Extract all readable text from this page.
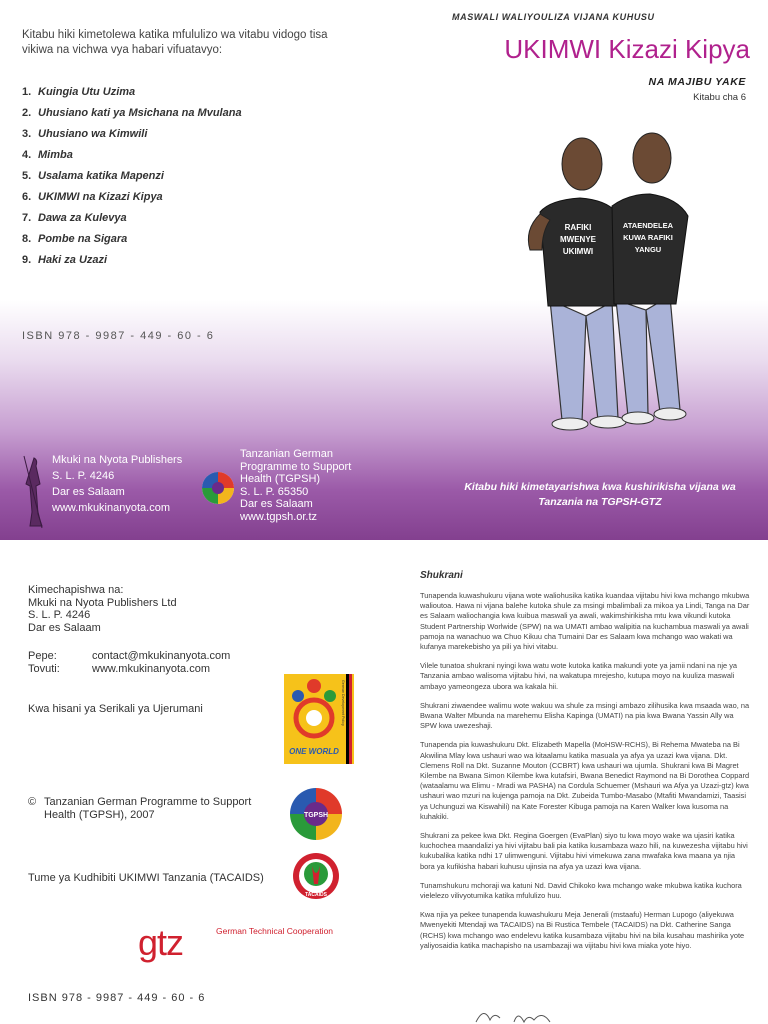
Kitabu hiki kimetolewa katika mfululizo wa vitabu vidogo tisa vikiwa na vichwa vya habari vifuatavyo:
1. Kuingia Utu Uzima
2. Uhusiano kati ya Msichana na Mvulana
3. Uhusiano wa Kimwili
4. Mimba
5. Usalama katika Mapenzi
6. UKIMWI na Kizazi Kipya
7. Dawa za Kulevya
8. Pombe na Sigara
9. Haki za Uzazi
ISBN 978 - 9987 - 449 - 60 - 6
MASWALI WALIYOULIZA VIJANA KUHUSU
UKIMWI Kizazi Kipya
NA MAJIBU YAKE
Kitabu cha 6
RAFIKI
MWENYE
UKIMWI
ATAENDELEA
KUWA RAFIKI
YANGU
Kitabu hiki kimetayarishwa kwa kushirikisha vijana wa Tanzania na TGPSH-GTZ
Mkuki na Nyota Publishers
S. L. P. 4246
Dar es Salaam
www.mkukinanyota.com
Tanzanian German
Programme to Support
Health (TGPSH)
S. L. P. 65350
Dar es Salaam
www.tgpsh.or.tz
Kimechapishwa na:
Mkuki na Nyota Publishers Ltd
S. L. P. 4246
Dar es Salaam
Pepe:	contact@mkukinanyota.com
Tovuti:	www.mkukinanyota.com
Kwa hisani ya Serikali ya Ujerumani
ONE WORLD
German Development Policy
© Tanzanian German Programme to Support Health (TGPSH), 2007	TGPSH
Tume ya Kudhibiti UKIMWI Tanzania (TACAIDS)
TACAIDS
gtz	German Technical Cooperation
ISBN 978 - 9987 - 449 - 60 - 6
Shukrani

Tunapenda kuwashukuru vijana wote waliohusika katika kuandaa vijitabu hivi kwa mchango mkubwa walioutoa. Hawa ni vijana balehe kutoka shule za msingi mbalimbali za mikoa ya Lindi, Tanga na Dar es Salaam waliochangia kwa kuibua maswali ya awali, wakimshirikisha mtu kwa vikundi kutoka Student Partnership Worlwide (SPW) na wa UMATI ambao walipitia na kuchambua maswali ya awali pamoja na wanachuo wa Chuo Kikuu cha Tumaini Dar es Salaam kwa mchango wao wakati wa kufanya marekebisho ya pili ya hivi vitabu.

Vilele tunatoa shukrani nyingi kwa watu wote kutoka katika makundi yote ya jamii ndani na nje ya Tanzania ambao walisoma vijitabu hivi, na wakatupa mrejesho, kutupa moyo na kuuliza maswali ambayo yameongeza ubora wa kakala hii.

Shukrani ziwaendee walimu wote wakuu wa shule za msingi ambazo zilihusika kwa msaada wao, na Bwana Walter Mbunda na marehemu Elisha Kapinga (UMATI) na pia kwa Bwana Yassin Ally wa SPW kwa uwezeshaji.

Tunapenda pia kuwashukuru Dkt. Elizabeth Mapella (MoHSW-RCHS), Bi Rehema Mwateba na Bi Akwilina Mlay kwa ushauri wao wa kitaalamu katika masuala ya afya ya uzazi kwa vijana. Dkt. Clemens Roll na Dkt. Suzanne Mouton (CCBRT) kwa ushauri wa ujumla. Shukrani kwa Bi Magret Kilembe na Bwana Simon Kilembe kwa kutafsiri, Bwana Benedict Raymond na Bi Dorothea Coppard (wataalamu wa Elimu - Mradi wa PASHA) na Cordula Schuemer (Mshauri wa Afya ya Uzazi-gtz) kwa ushauri wao mzuri na kujenga pamoja na Dkt. Zubeida Tumbo-Masabo (Mtafiti Mwandamizi, Taasisi ya Uchunguzi wa Kiswahili) na Kate Forester Kibuga pamoja na Karen Walker kwa kusoma na kuhakiki.

Shukrani za pekee kwa Dkt. Regina Goergen (EvaPlan) siyo tu kwa moyo wake wa ujasiri katika kuchochea maandalizi ya hivi vijitabu bali pia katika kusambaza wazo hili, na kuwezesha vijitabu hivi kukubalika katika ndhi 17 ulimwenguni. Vijitabu hivi vimekuwa zana mwafaka kwa maana ya njia bora ya kufikisha habari kuhusu ujinsia na afya ya uzazi kwa vijana.

Tunamshukuru mchoraji wa katuni Nd. David Chikoko kwa mchango wake mkubwa katika kuchora vielelezo vilivyotumika katika mfululizo huu.

Kwa njia ya pekee tunapenda kuwashukuru Meja Jenerali (mstaafu) Herman Lupogo (aliyekuwa Mwenyekiti Mtendaji wa TACAIDS) na Bi Rustica Tembele (TACAIDS) na Dkt. Catherine Sanga (RCHS) kwa mchango wao endelevu katika kusambaza vijitabu hivi na bila kusahau mashirika yote yaliyosaidia katika machapisho na usambazaji wa vijitabu hivi kwa miaka yote hiyo.
